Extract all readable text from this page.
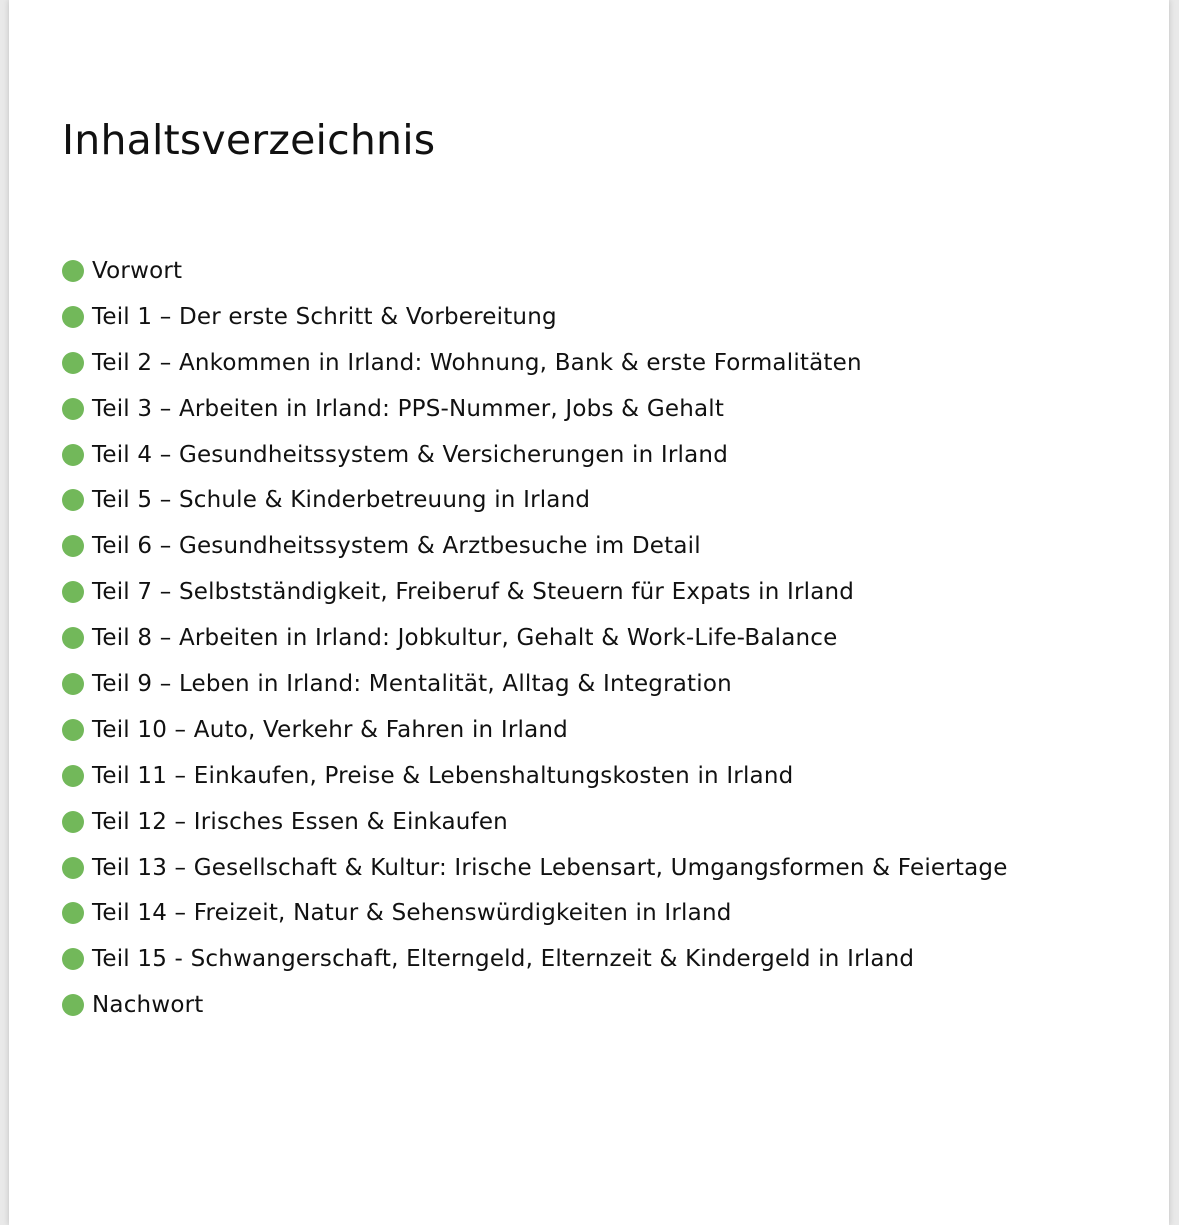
Inhaltsverzeichnis
Vorwort
Teil 1 – Der erste Schritt & Vorbereitung
Teil 2 – Ankommen in Irland: Wohnung, Bank & erste Formalitäten
Teil 3 – Arbeiten in Irland: PPS-Nummer, Jobs & Gehalt
Teil 4 – Gesundheitssystem & Versicherungen in Irland
Teil 5 – Schule & Kinderbetreuung in Irland
Teil 6 – Gesundheitssystem & Arztbesuche im Detail
Teil 7 – Selbstständigkeit, Freiberuf & Steuern für Expats in Irland
Teil 8 – Arbeiten in Irland: Jobkultur, Gehalt & Work-Life-Balance
Teil 9 – Leben in Irland: Mentalität, Alltag & Integration
Teil 10 – Auto, Verkehr & Fahren in Irland
Teil 11 – Einkaufen, Preise & Lebenshaltungskosten in Irland
Teil 12 – Irisches Essen & Einkaufen
Teil 13 – Gesellschaft & Kultur: Irische Lebensart, Umgangsformen & Feiertage
Teil 14 – Freizeit, Natur & Sehenswürdigkeiten in Irland
Teil 15 - Schwangerschaft, Elterngeld, Elternzeit & Kindergeld in Irland
Nachwort
